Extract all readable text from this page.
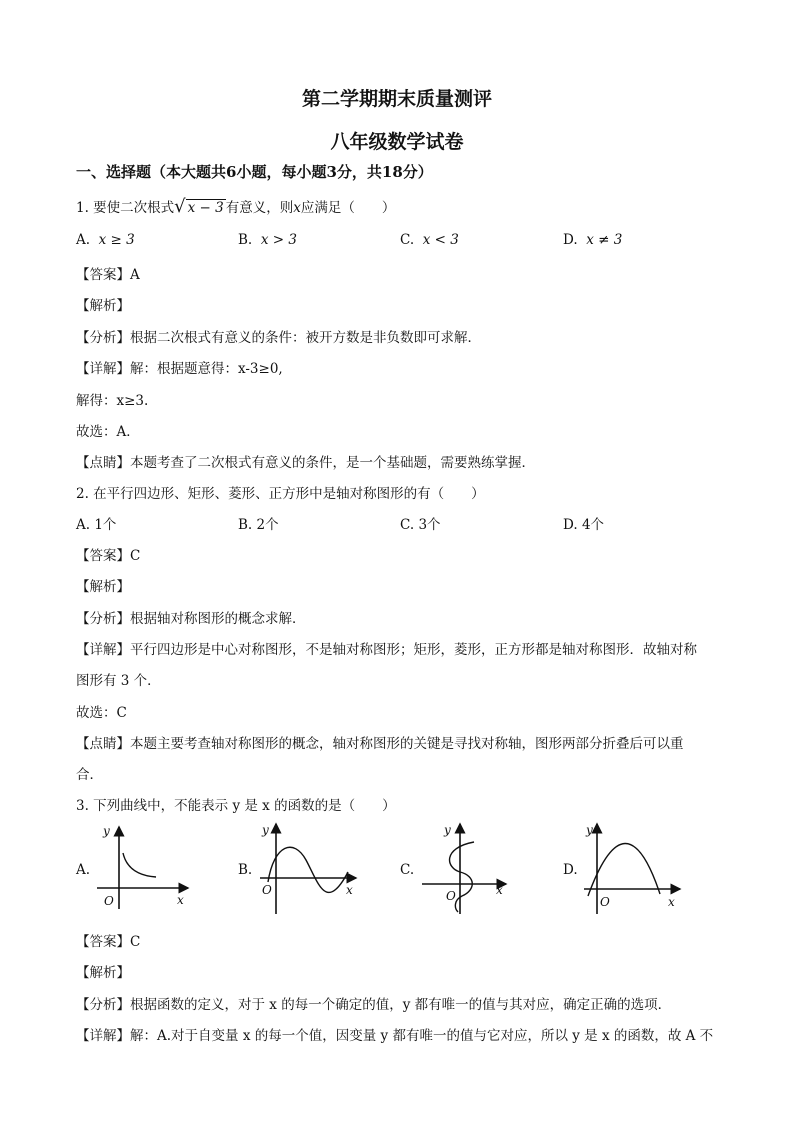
第二学期期末质量测评
八年级数学试卷
一、选择题（本大题共6小题，每小题3分，共18分）
1. 要使二次根式√ x − 3 有意义，则x应满足（　　）
A. x ≥ 3	B. x > 3	C. x < 3	D. x ≠ 3
【答案】A
【解析】
【分析】根据二次根式有意义的条件：被开方数是非负数即可求解．
【详解】解：根据题意得：x-3≥0,
解得：x≥3.
故选：A．
【点睛】本题考查了二次根式有意义的条件，是一个基础题，需要熟练掌握．
2. 在平行四边形、矩形、菱形、正方形中是轴对称图形的有（　　）
A. 1个	B. 2个	C. 3个	D. 4个
【答案】C
【解析】
【分析】根据轴对称图形的概念求解．
【详解】平行四边形是中心对称图形，不是轴对称图形；矩形，菱形，正方形都是轴对称图形．故轴对称
图形有 3 个．
故选：C
【点睛】本题主要考查轴对称图形的概念，轴对称图形的关键是寻找对称轴，图形两部分折叠后可以重
合．
3. 下列曲线中，不能表示 y 是 x 的函数的是（　　）
A.
y
x
O
B.
y
x
O
C.
y
x
O
D.
y
x
O
【答案】C
【解析】
【分析】根据函数的定义，对于 x 的每一个确定的值，y 都有唯一的值与其对应，确定正确的选项．
【详解】解：A.对于自变量 x 的每一个值，因变量 y 都有唯一的值与它对应，所以 y 是 x 的函数，故 A 不
